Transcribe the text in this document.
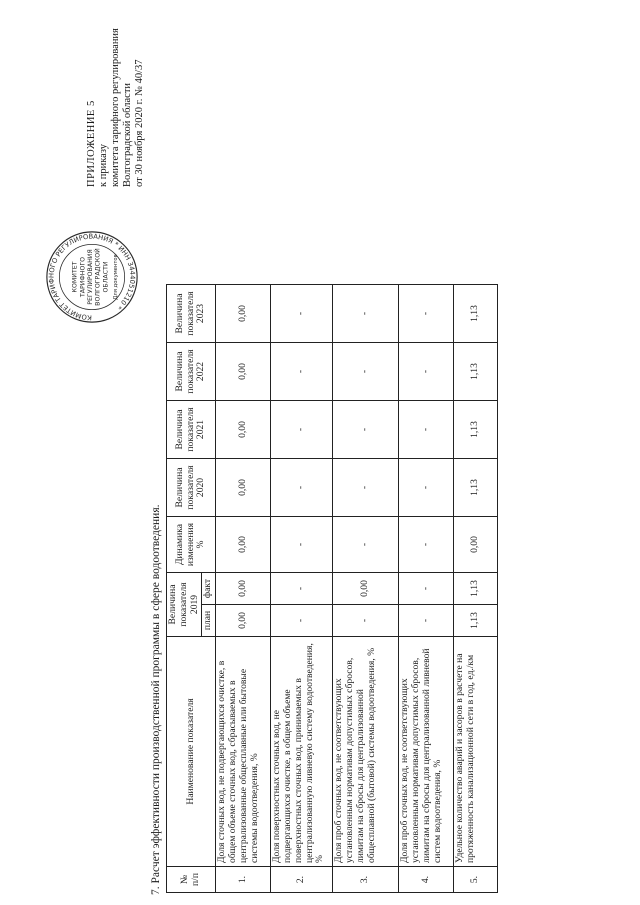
ПРИЛОЖЕНИЕ 5 к приказу комитета тарифного регулирования Волгоградской области от 30 ноября 2020 г. № 40/37
КОМИТЕТ ТАРИФНОГО РЕГУЛИРОВАНИЯ * ИНН 3444051210 *
КОМИТЕТ ТАРИФНОГО РЕГУЛИРОВАНИЯ ВОЛГОГРАДСКОЙ ОБЛАСТИ Для документов
7. Расчет эффективности производственной программы в сфере водоотведения. № п/п	Наименование показателя	Величина показателя 2019		Динамика изменения %	Величина показателя 2020	Величина показателя 2021	Величина показателя 2022	Величина показателя 2023
		план	факт					
1.	Доля сточных вод, не подвергающихся очистке, в общем объеме сточных вод, сбрасываемых в централизованные общесплавные или бытовые системы водоотведения, %	0,00	0,00	0,00	0,00	0,00	0,00	0,00
2.	Доля поверхностных сточных вод, не подвергающихся очистке, в общем объеме поверхностных сточных вод, принимаемых в централизованную ливневую систему водоотведения, %	-	-	-	-	-	-	-
3.	Доля проб сточных вод, не соответствующих установленным нормативам допустимых сбросов, лимитам на сбросы для централизованной общесплавной (бытовой) системы водоотведения, %	-	0,00	-	-	-	-	-
4.	Доля проб сточных вод, не соответствующих установленным нормативам допустимых сбросов, лимитам на сбросы для централизованной ливневой систем водоотведения, %	-	-	-	-	-	-	-
5.	Удельное количество аварий и засоров в расчете на протяженность канализационной сети в год, ед./км	1,13	1,13	0,00	1,13	1,13	1,13	1,13
